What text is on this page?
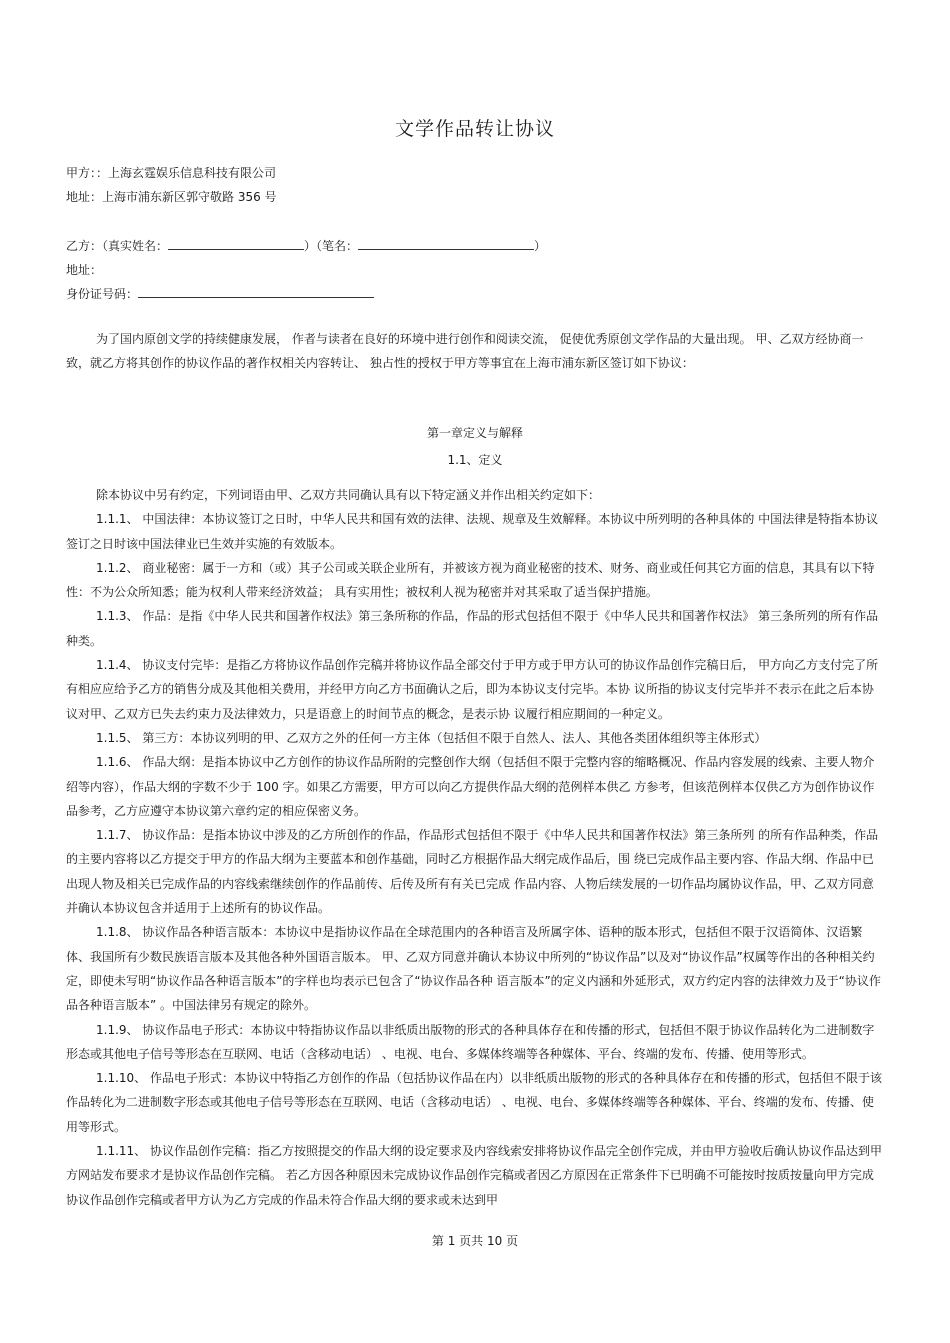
文学作品转让协议
甲方：：上海玄霆娱乐信息科技有限公司
地址：上海市浦东新区郭守敬路 356 号
乙方：（真实姓名：	）（笔名：	）
地址：
身份证号码：

为了国内原创文学的持续健康发展， 作者与读者在良好的环境中进行创作和阅读交流， 促使优秀原创文学作品的大量出现。 甲、乙双方经协商一致，就乙方将其创作的协议作品的著作权相关内容转让、 独占性的授权于甲方等事宜在上海市浦东新区签订如下协议：

第一章定义与解释
1.1、定义

除本协议中另有约定，下列词语由甲、乙双方共同确认具有以下特定涵义并作出相关约定如下：

1.1.1、 中国法律：本协议签订之日时，中华人民共和国有效的法律、法规、规章及生效解释。本协议中所列明的各种具体的 中国法律是特指本协议签订之日时该中国法律业已生效并实施的有效版本。

1.1.2、 商业秘密：属于一方和（或）其子公司或关联企业所有，并被该方视为商业秘密的技术、财务、商业或任何其它方面的信息，其具有以下特性：不为公众所知悉；能为权利人带来经济效益； 具有实用性；被权利人视为秘密并对其采取了适当保护措施。

1.1.3、 作品：是指《中华人民共和国著作权法》第三条所称的作品，作品的形式包括但不限于《中华人民共和国著作权法》 第三条所列的所有作品种类。

1.1.4、 协议支付完毕：是指乙方将协议作品创作完稿并将协议作品全部交付于甲方或于甲方认可的协议作品创作完稿日后， 甲方向乙方支付完了所有相应应给予乙方的销售分成及其他相关费用，并经甲方向乙方书面确认之后，即为本协议支付完毕。本协 议所指的协议支付完毕并不表示在此之后本协议对甲、乙双方已失去约束力及法律效力，只是语意上的时间节点的概念，是表示协 议履行相应期间的一种定义。

1.1.5、 第三方：本协议列明的甲、乙双方之外的任何一方主体（包括但不限于自然人、法人、其他各类团体组织等主体形式）

1.1.6、 作品大纲：是指本协议中乙方创作的协议作品所附的完整创作大纲（包括但不限于完整内容的缩略概况、作品内容发展的线索、主要人物介绍等内容），作品大纲的字数不少于 100 字。如果乙方需要，甲方可以向乙方提供作品大纲的范例样本供乙 方参考，但该范例样本仅供乙方为创作协议作品参考，乙方应遵守本协议第六章约定的相应保密义务。

1.1.7、 协议作品：是指本协议中涉及的乙方所创作的作品，作品形式包括但不限于《中华人民共和国著作权法》第三条所列 的所有作品种类，作品的主要内容将以乙方提交于甲方的作品大纲为主要蓝本和创作基础，同时乙方根据作品大纲完成作品后，围 绕已完成作品主要内容、作品大纲、作品中已出现人物及相关已完成作品的内容线索继续创作的作品前传、后传及所有有关已完成 作品内容、人物后续发展的一切作品均属协议作品，甲、乙双方同意并确认本协议包含并适用于上述所有的协议作品。

1.1.8、 协议作品各种语言版本：本协议中是指协议作品在全球范围内的各种语言及所属字体、语种的版本形式，包括但不限于汉语简体、汉语繁体、我国所有少数民族语言版本及其他各种外国语言版本。 甲、乙双方同意并确认本协议中所列的“协议作品”以及对“协议作品”权属等作出的各种相关约定，即使未写明“协议作品各种语言版本”的字样也均表示已包含了“协议作品各种 语言版本”的定义内涵和外延形式，双方约定内容的法律效力及于“协议作品各种语言版本” 。中国法律另有规定的除外。

1.1.9、 协议作品电子形式：本协议中特指协议作品以非纸质出版物的形式的各种具体存在和传播的形式，包括但不限于协议作品转化为二进制数字形态或其他电子信号等形态在互联网、电话（含移动电话） 、电视、电台、多媒体终端等各种媒体、平台、终端的发布、传播、使用等形式。

1.1.10、 作品电子形式：本协议中特指乙方创作的作品（包括协议作品在内）以非纸质出版物的形式的各种具体存在和传播的形式，包括但不限于该作品转化为二进制数字形态或其他电子信号等形态在互联网、电话（含移动电话） 、电视、电台、多媒体终端等各种媒体、平台、终端的发布、传播、使用等形式。

1.1.11、 协议作品创作完稿：指乙方按照提交的作品大纲的设定要求及内容线索安排将协议作品完全创作完成，并由甲方验收后确认协议作品达到甲方网站发布要求才是协议作品创作完稿。 若乙方因各种原因未完成协议作品创作完稿或者因乙方原因在正常条件下已明确不可能按时按质按量向甲方完成协议作品创作完稿或者甲方认为乙方完成的作品未符合作品大纲的要求或未达到甲

第 1 页共 10 页
